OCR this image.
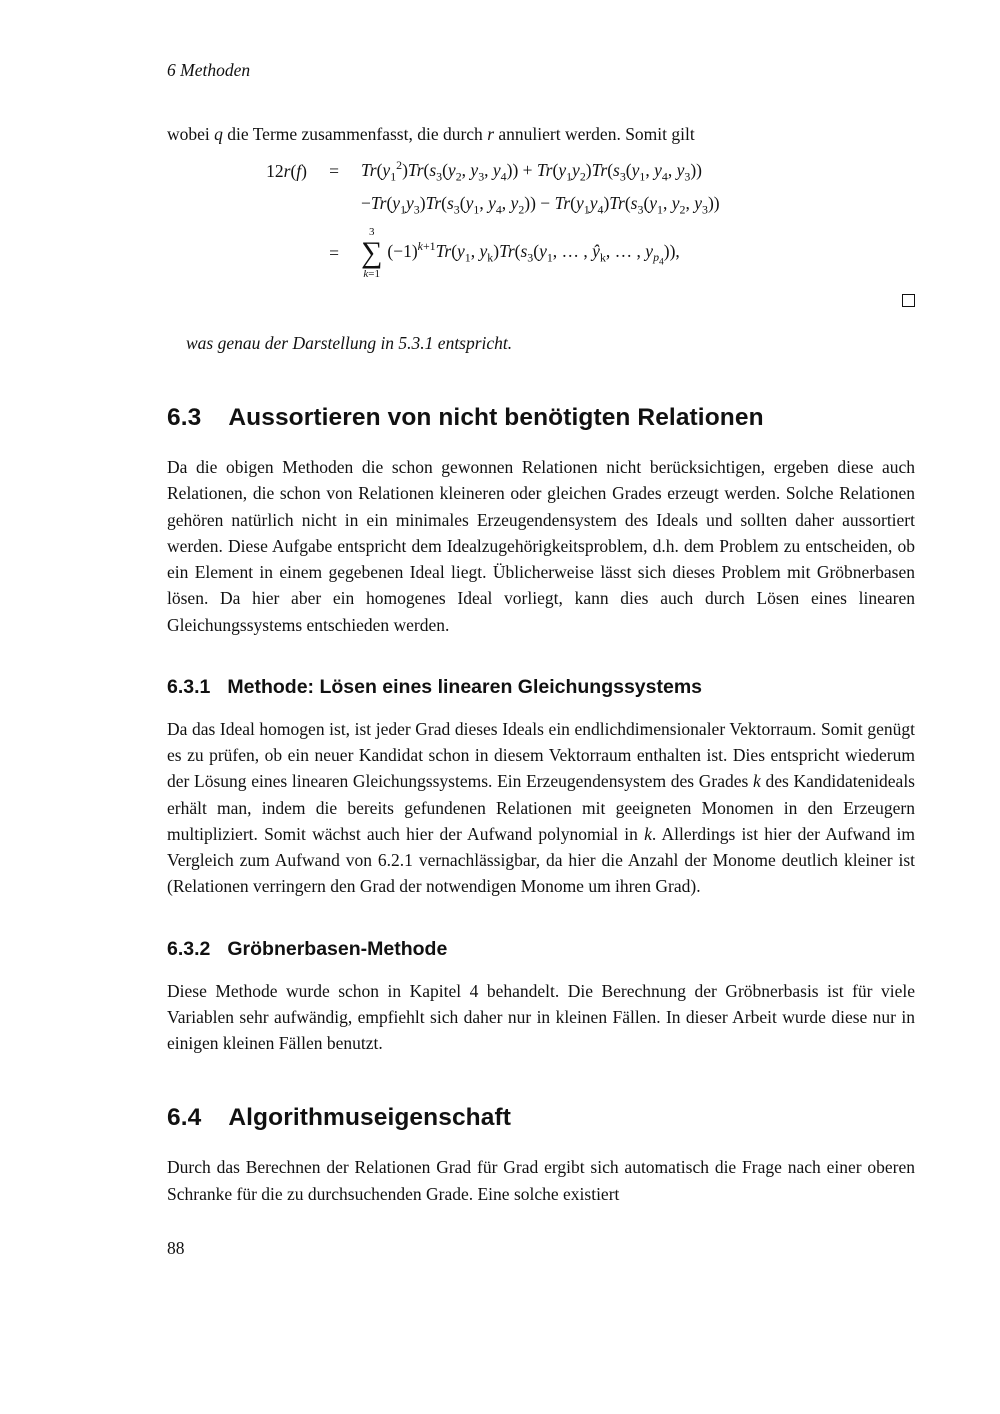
6 Methoden

wobei q die Terme zusammenfasst, die durch r annuliert werden. Somit gilt

12r(f)	=	$Tr(y_1^2)Tr(s_3(y_2$, $y_3$, $y_4)) + Tr(y_1y_2)Tr(s_3(y_1$, $y_4$, $y_3$))
$-Tr(y_1y_3)Tr(s_3(y_1$, $y_4$, $y_2)) - Tr(y_1y_4)Tr(s_3(y_1$, $y_2$, $y_3$))
=
3
∑
k=1
$(-1)^{k+1}Tr(y_1$, $y_k)Tr(s_3(y_1$, … , $ŷ_k$, … , $y_{p_4}$)),

was genau der Darstellung in 5.3.1 entspricht.

6.3 Aussortieren von nicht benötigten Relationen

Da die obigen Methoden die schon gewonnen Relationen nicht berücksichtigen, ergeben diese auch Relationen, die schon von Relationen kleineren oder gleichen Grades erzeugt werden. Solche Relationen gehören natürlich nicht in ein minimales Erzeugendensystem des Ideals und sollten daher aussortiert werden. Diese Aufgabe entspricht dem Idealzugehörigkeitsproblem, d.h. dem Problem zu entscheiden, ob ein Element in einem gegebenen Ideal liegt. Üblicherweise lässt sich dieses Problem mit Gröbnerbasen lösen. Da hier aber ein homogenes Ideal vorliegt, kann dies auch durch Lösen eines linearen Gleichungssystems entschieden werden.

6.3.1 Methode: Lösen eines linearen Gleichungssystems

Da das Ideal homogen ist, ist jeder Grad dieses Ideals ein endlichdimensionaler Vektorraum. Somit genügt es zu prüfen, ob ein neuer Kandidat schon in diesem Vektorraum enthalten ist. Dies entspricht wiederum der Lösung eines linearen Gleichungssystems. Ein Erzeugendensystem des Grades k des Kandidatenideals erhält man, indem die bereits gefundenen Relationen mit geeigneten Monomen in den Erzeugern multipliziert. Somit wächst auch hier der Aufwand polynomial in k. Allerdings ist hier der Aufwand im Vergleich zum Aufwand von 6.2.1 vernachlässigbar, da hier die Anzahl der Monome deutlich kleiner ist (Relationen verringern den Grad der notwendigen Monome um ihren Grad).

6.3.2 Gröbnerbasen-Methode

Diese Methode wurde schon in Kapitel 4 behandelt. Die Berechnung der Gröbnerbasis ist für viele Variablen sehr aufwändig, empfiehlt sich daher nur in kleinen Fällen. In dieser Arbeit wurde diese nur in einigen kleinen Fällen benutzt.

6.4 Algorithmuseigenschaft

Durch das Berechnen der Relationen Grad für Grad ergibt sich automatisch die Frage nach einer oberen Schranke für die zu durchsuchenden Grade. Eine solche existiert

88
